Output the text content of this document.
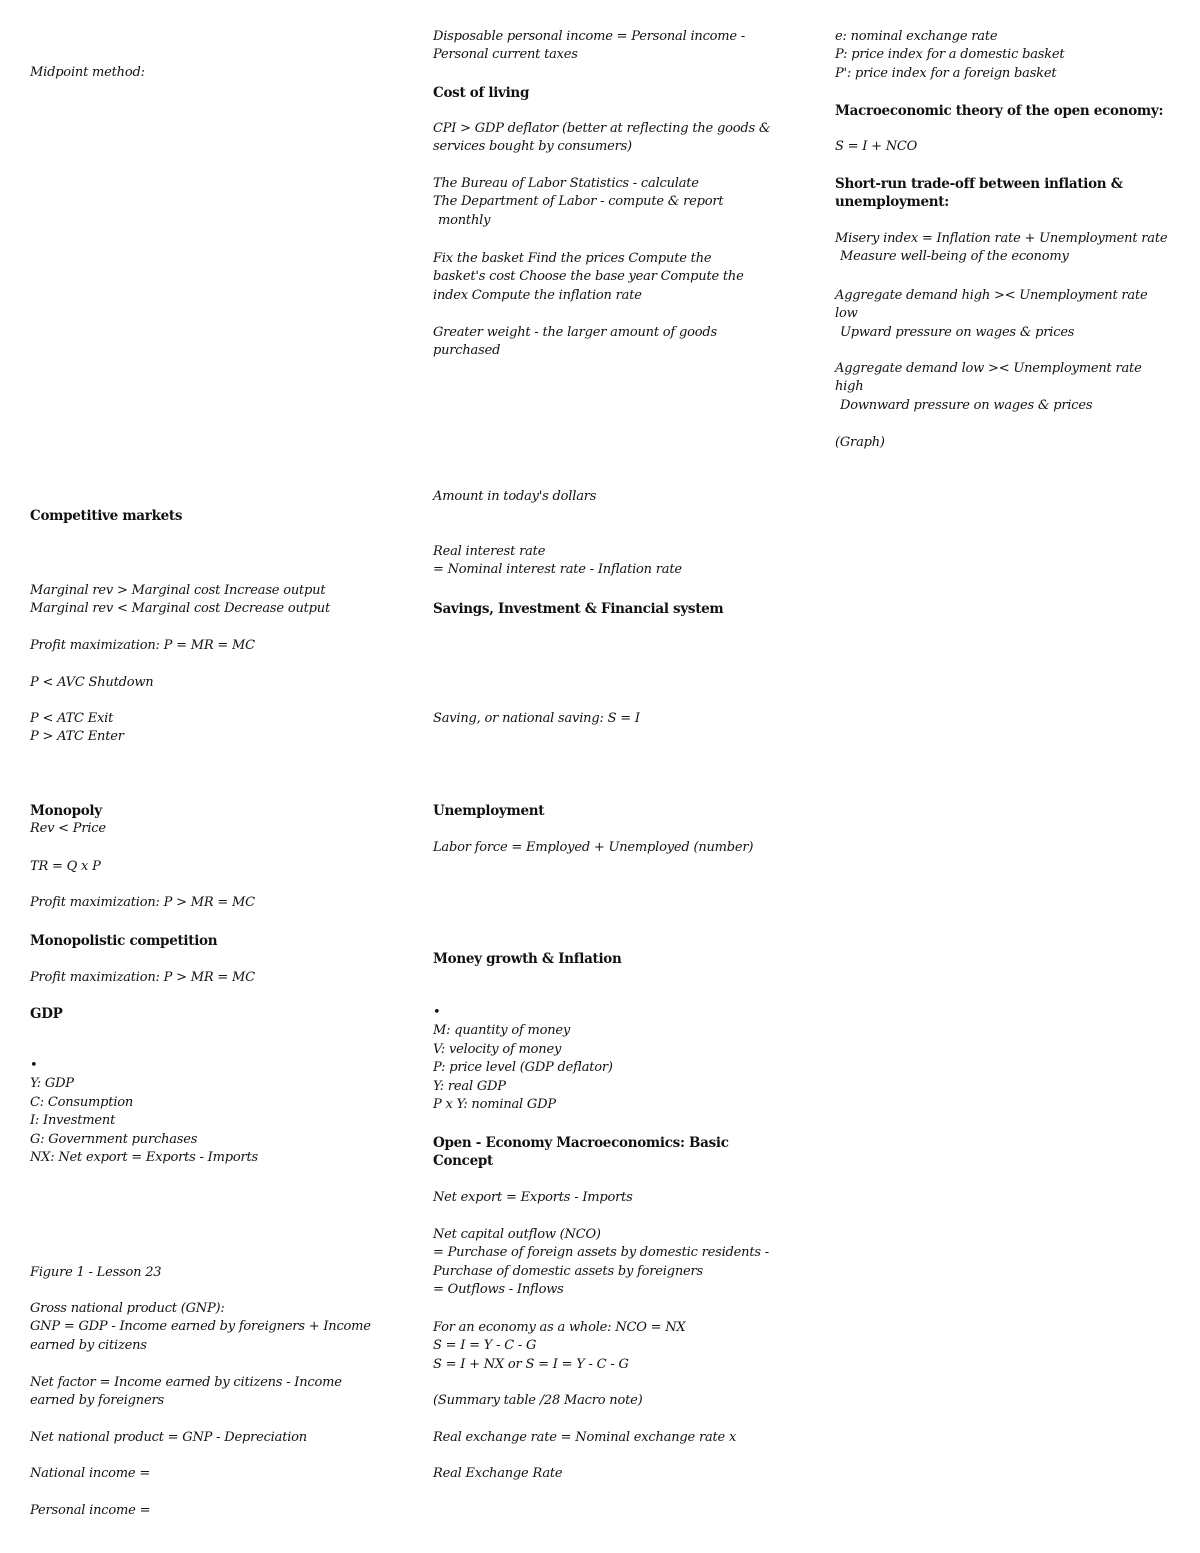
Midpoint method:
Competitive markets
Marginal rev > Marginal cost Increase output
Marginal rev < Marginal cost Decrease output
Profit maximization: P = MR = MC
P < AVC Shutdown
P < ATC Exit
P > ATC Enter
Monopoly
Rev < Price
TR = Q x P
Profit maximization: P > MR = MC
Monopolistic competition
Profit maximization: P > MR = MC
GDP
•
Y: GDP
C: Consumption
I: Investment
G: Government purchases
NX: Net export = Exports - Imports
Figure 1 - Lesson 23
Gross national product (GNP):
GNP = GDP - Income earned by foreigners + Income
earned by citizens
Net factor = Income earned by citizens - Income
earned by foreigners
Net national product = GNP - Depreciation
National income =
Personal income =
Disposable personal income = Personal income -
Personal current taxes
Cost of living
CPI > GDP deflator (better at reflecting the goods &
services bought by consumers)
The Bureau of Labor Statistics - calculate
The Department of Labor - compute & report
monthly
Fix the basket Find the prices Compute the
basket's cost Choose the base year Compute the
index Compute the inflation rate
Greater weight - the larger amount of goods
purchased
Amount in today's dollars
Real interest rate
= Nominal interest rate - Inflation rate
Savings, Investment & Financial system
Saving, or national saving: S = I
Unemployment
Labor force = Employed + Unemployed (number)
Money growth & Inflation
•
M: quantity of money
V: velocity of money
P: price level (GDP deflator)
Y: real GDP
P x Y: nominal GDP
Open - Economy Macroeconomics: Basic
Concept
Net export = Exports - Imports
Net capital outflow (NCO)
= Purchase of foreign assets by domestic residents -
Purchase of domestic assets by foreigners
= Outflows - Inflows
For an economy as a whole: NCO = NX
S = I = Y - C - G
S = I + NX or S = I = Y - C - G
(Summary table /28 Macro note)
Real exchange rate = Nominal exchange rate x
Real Exchange Rate
e: nominal exchange rate
P: price index for a domestic basket
P': price index for a foreign basket
Macroeconomic theory of the open economy:
S = I + NCO
Short-run trade-off between inflation &
unemployment:
Misery index = Inflation rate + Unemployment rate
Measure well-being of the economy
Aggregate demand high >< Unemployment rate
low
Upward pressure on wages & prices
Aggregate demand low >< Unemployment rate
high
Downward pressure on wages & prices
(Graph)
